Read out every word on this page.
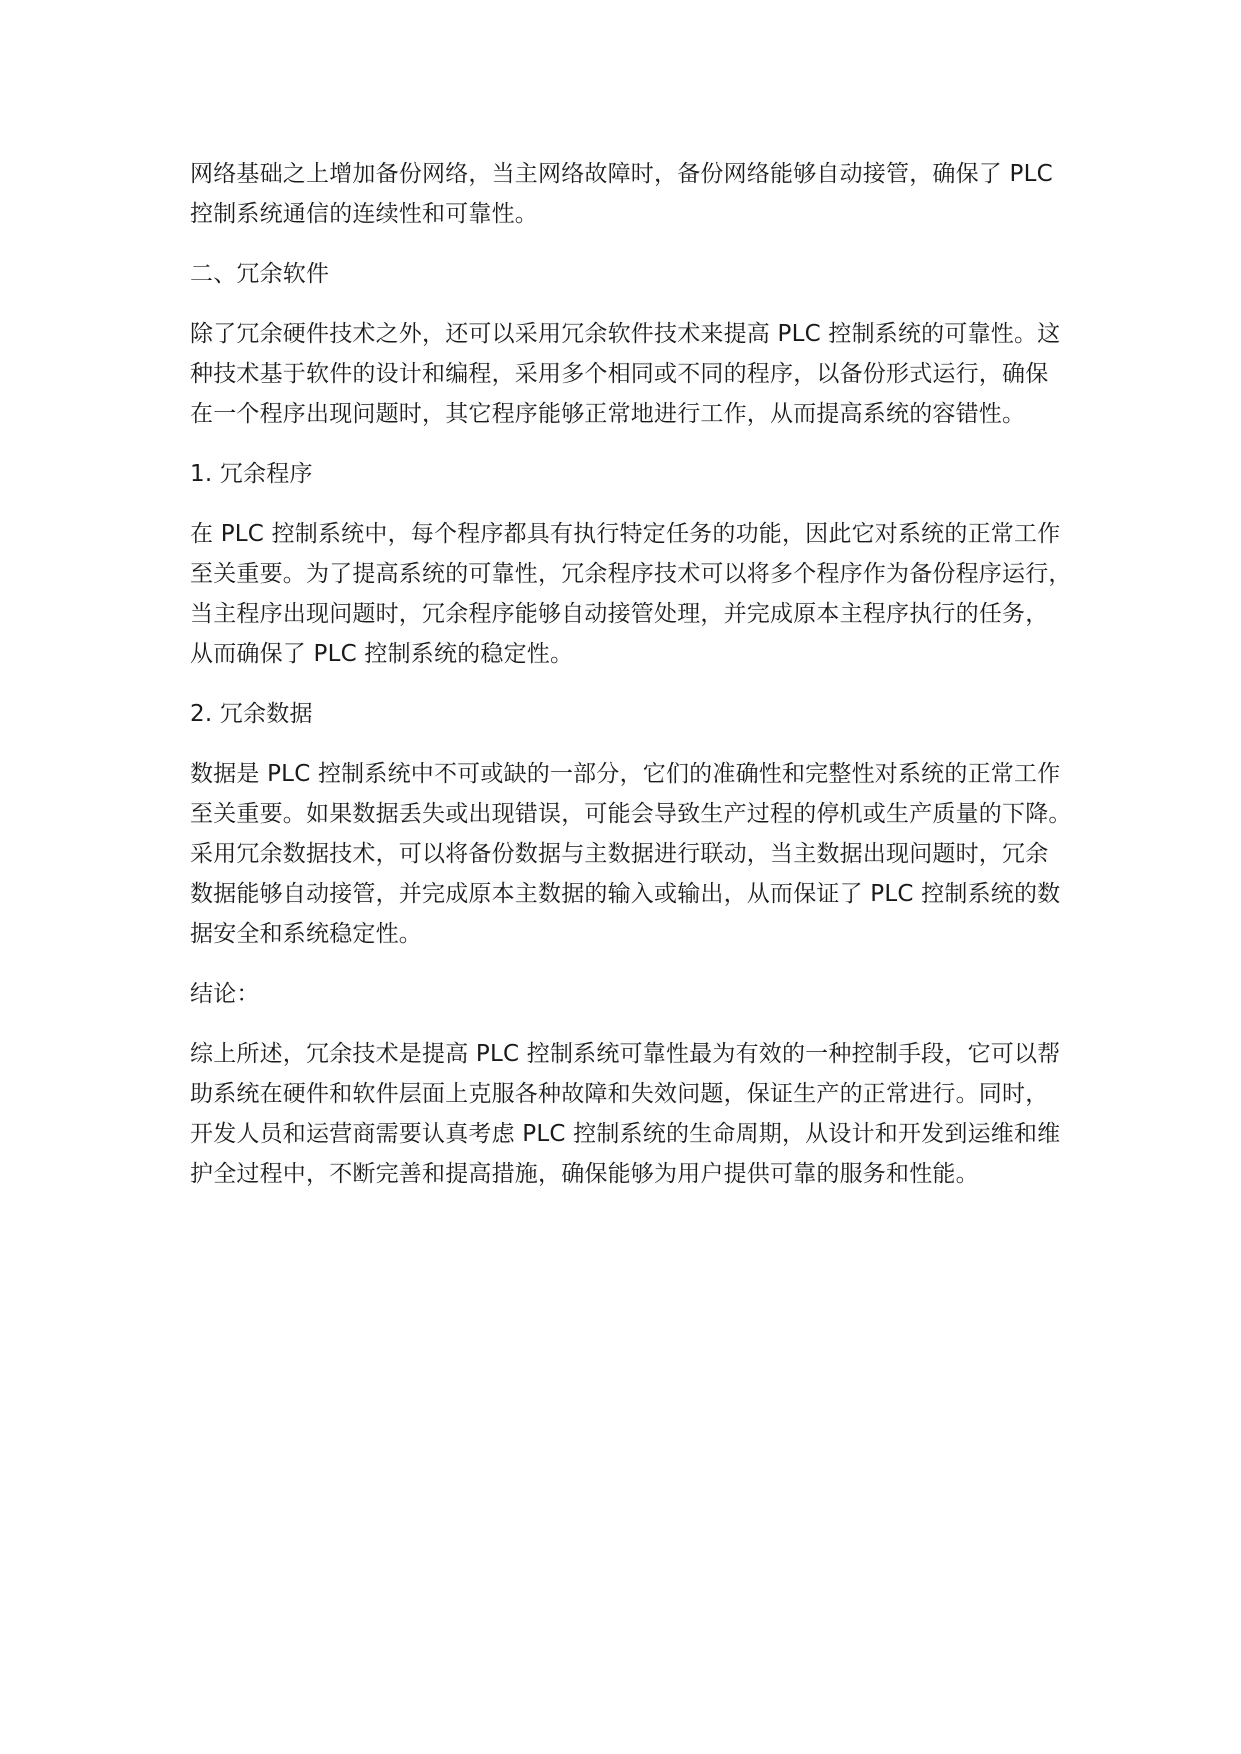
网络基础之上增加备份网络，当主网络故障时，备份网络能够自动接管，确保了 PLC
控制系统通信的连续性和可靠性。
二、冗余软件
除了冗余硬件技术之外，还可以采用冗余软件技术来提高 PLC 控制系统的可靠性。这
种技术基于软件的设计和编程，采用多个相同或不同的程序，以备份形式运行，确保
在一个程序出现问题时，其它程序能够正常地进行工作，从而提高系统的容错性。
1. 冗余程序
在 PLC 控制系统中，每个程序都具有执行特定任务的功能，因此它对系统的正常工作
至关重要。为了提高系统的可靠性，冗余程序技术可以将多个程序作为备份程序运行，
当主程序出现问题时，冗余程序能够自动接管处理，并完成原本主程序执行的任务，
从而确保了 PLC 控制系统的稳定性。
2. 冗余数据
数据是 PLC 控制系统中不可或缺的一部分，它们的准确性和完整性对系统的正常工作
至关重要。如果数据丢失或出现错误，可能会导致生产过程的停机或生产质量的下降。
采用冗余数据技术，可以将备份数据与主数据进行联动，当主数据出现问题时，冗余
数据能够自动接管，并完成原本主数据的输入或输出，从而保证了 PLC 控制系统的数
据安全和系统稳定性。
结论：
综上所述，冗余技术是提高 PLC 控制系统可靠性最为有效的一种控制手段，它可以帮
助系统在硬件和软件层面上克服各种故障和失效问题，保证生产的正常进行。同时，
开发人员和运营商需要认真考虑 PLC 控制系统的生命周期，从设计和开发到运维和维
护全过程中，不断完善和提高措施，确保能够为用户提供可靠的服务和性能。
